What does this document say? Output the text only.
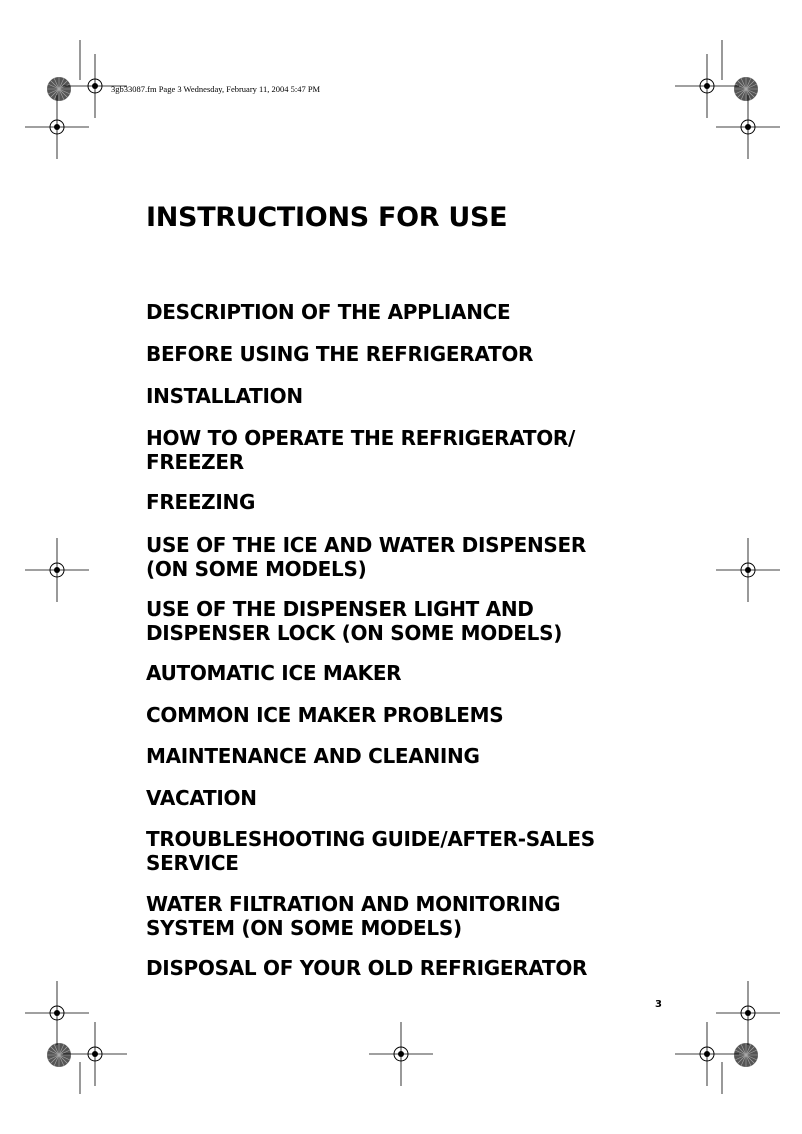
3gb33087.fm Page 3 Wednesday, February 11, 2004 5:47 PM
INSTRUCTIONS FOR USE

DESCRIPTION OF THE APPLIANCE

BEFORE USING THE REFRIGERATOR

INSTALLATION

HOW TO OPERATE THE REFRIGERATOR/
FREEZER

FREEZING

USE OF THE ICE AND WATER DISPENSER
(ON SOME MODELS)

USE OF THE DISPENSER LIGHT AND
DISPENSER LOCK (ON SOME MODELS)

AUTOMATIC ICE MAKER

COMMON ICE MAKER PROBLEMS

MAINTENANCE AND CLEANING

VACATION

TROUBLESHOOTING GUIDE/AFTER-SALES
SERVICE

WATER FILTRATION AND MONITORING
SYSTEM (ON SOME MODELS)

DISPOSAL OF YOUR OLD REFRIGERATOR

3
